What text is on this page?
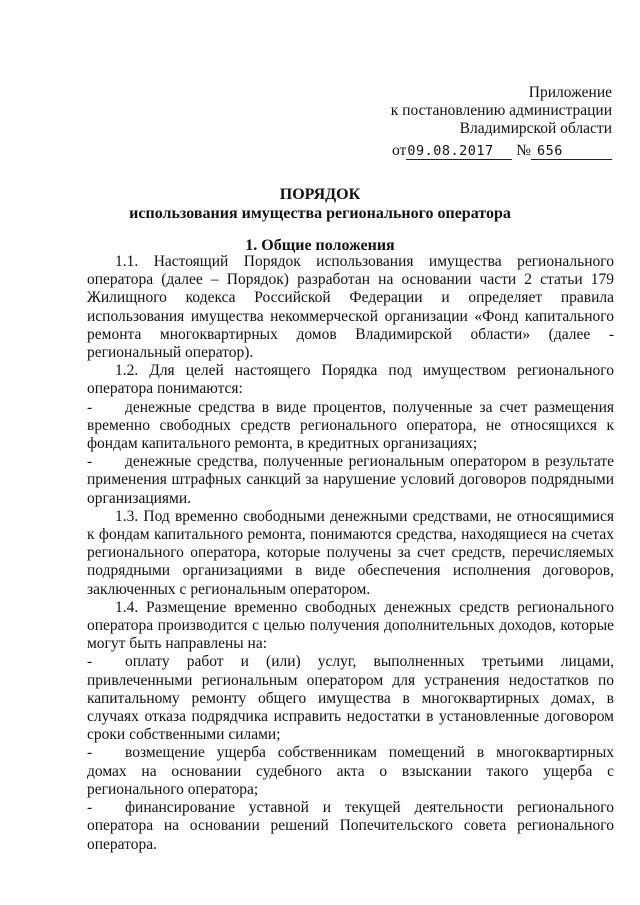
Приложение
к постановлению администрации
Владимирской области
от09.08.2017 № 656
ПОРЯДОК
использования имущества регионального оператора
1. Общие положения

1.1. Настоящий Порядок использования имущества регионального оператора (далее – Порядок) разработан на основании части 2 статьи 179 Жилищного кодекса Российской Федерации и определяет правила использования имущества некоммерческой организации «Фонд капитального ремонта многоквартирных домов Владимирской области» (далее - региональный оператор).

1.2. Для целей настоящего Порядка под имуществом регионального оператора понимаются:

- денежные средства в виде процентов, полученные за счет размещения временно свободных средств регионального оператора, не относящихся к фондам капитального ремонта, в кредитных организациях;

- денежные средства, полученные региональным оператором в результате применения штрафных санкций за нарушение условий договоров подрядными организациями.

1.3. Под временно свободными денежными средствами, не относящимися к фондам капитального ремонта, понимаются средства, находящиеся на счетах регионального оператора, которые получены за счет средств, перечисляемых подрядными организациями в виде обеспечения исполнения договоров, заключенных с региональным оператором.

1.4. Размещение временно свободных денежных средств регионального оператора производится с целью получения дополнительных доходов, которые могут быть направлены на:

- оплату работ и (или) услуг, выполненных третьими лицами, привлеченными региональным оператором для устранения недостатков по капитальному ремонту общего имущества в многоквартирных домах, в случаях отказа подрядчика исправить недостатки в установленные договором сроки собственными силами;

- возмещение ущерба собственникам помещений в многоквартирных домах на основании судебного акта о взыскании такого ущерба с регионального оператора;

- финансирование уставной и текущей деятельности регионального оператора на основании решений Попечительского совета регионального оператора.
